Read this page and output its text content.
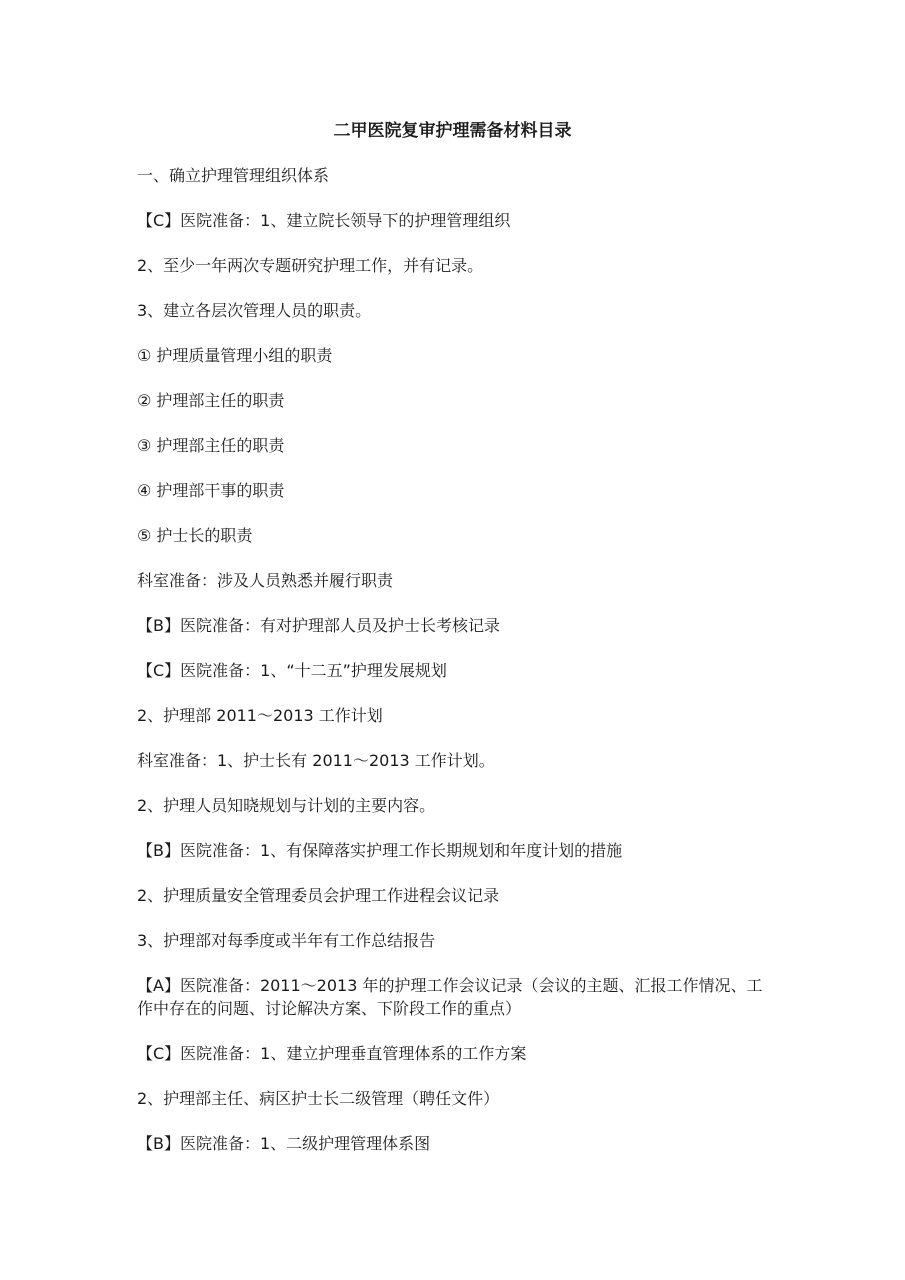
二甲医院复审护理需备材料目录
一、确立护理管理组织体系
【C】医院准备：1、建立院长领导下的护理管理组织
2、至少一年两次专题研究护理工作，并有记录。
3、建立各层次管理人员的职责。
① 护理质量管理小组的职责
② 护理部主任的职责
③ 护理部主任的职责
④ 护理部干事的职责
⑤ 护士长的职责
科室准备：涉及人员熟悉并履行职责
【B】医院准备：有对护理部人员及护士长考核记录
【C】医院准备：1、“十二五”护理发展规划
2、护理部 2011～2013 工作计划
科室准备：1、护士长有 2011～2013 工作计划。
2、护理人员知晓规划与计划的主要内容。
【B】医院准备：1、有保障落实护理工作长期规划和年度计划的措施
2、护理质量安全管理委员会护理工作进程会议记录
3、护理部对每季度或半年有工作总结报告
【A】医院准备：2011～2013 年的护理工作会议记录（会议的主题、汇报工作情况、工作中存在的问题、讨论解决方案、下阶段工作的重点）
【C】医院准备：1、建立护理垂直管理体系的工作方案
2、护理部主任、病区护士长二级管理（聘任文件）
【B】医院准备：1、二级护理管理体系图
